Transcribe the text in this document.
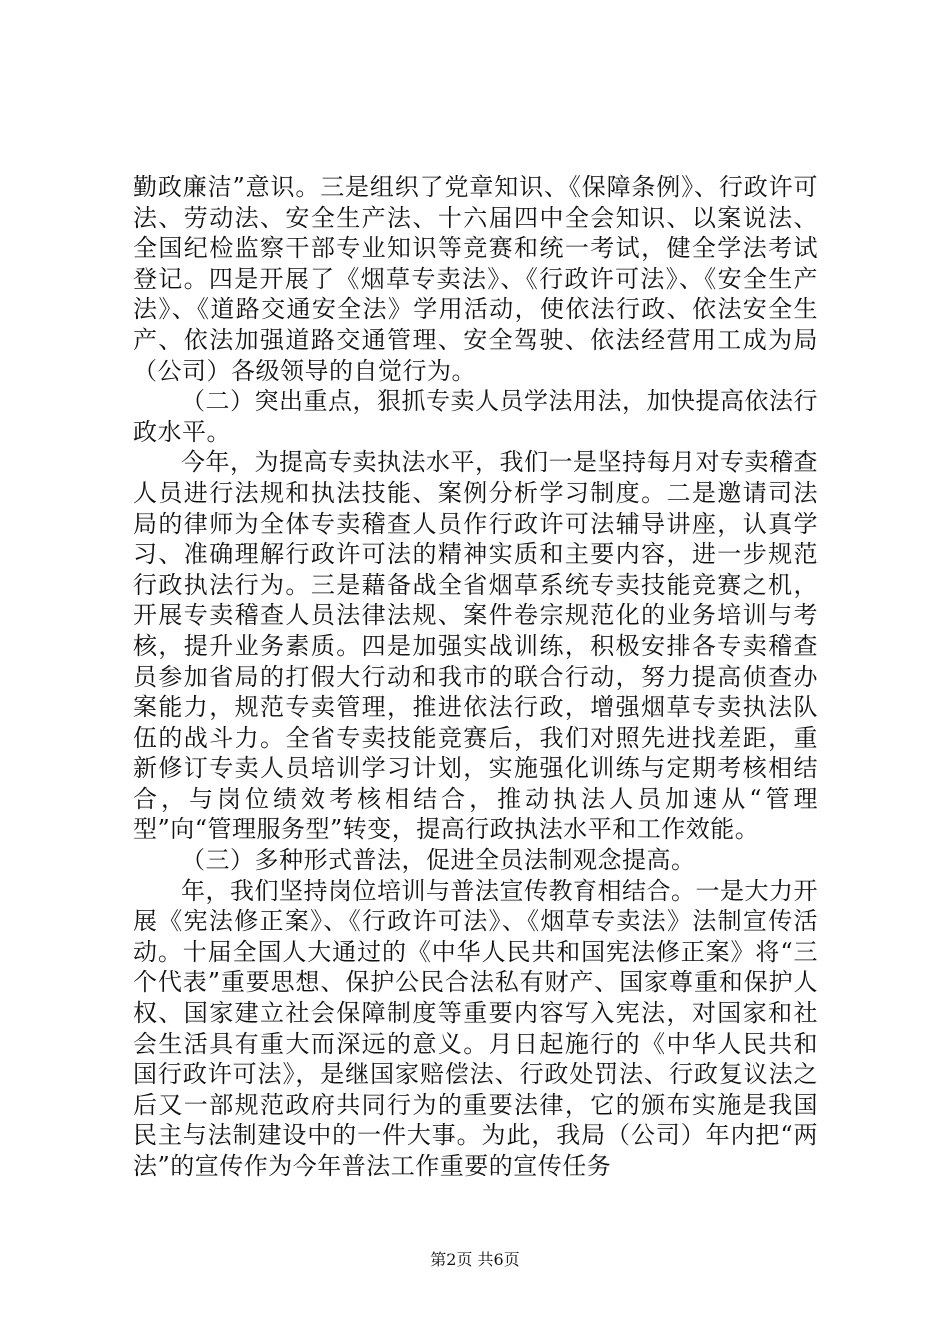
勤政廉洁”意识。三是组织了党章知识、《保障条例》、行政许可法、劳动法、安全生产法、十六届四中全会知识、以案说法、全国纪检监察干部专业知识等竞赛和统一考试，健全学法考试登记。四是开展了《烟草专卖法》、《行政许可法》、《安全生产法》、《道路交通安全法》学用活动，使依法行政、依法安全生产、依法加强道路交通管理、安全驾驶、依法经营用工成为局（公司）各级领导的自觉行为。

（二）突出重点，狠抓专卖人员学法用法，加快提高依法行政水平。

今年，为提高专卖执法水平，我们一是坚持每月对专卖稽查人员进行法规和执法技能、案例分析学习制度。二是邀请司法局的律师为全体专卖稽查人员作行政许可法辅导讲座，认真学习、准确理解行政许可法的精神实质和主要内容，进一步规范行政执法行为。三是藉备战全省烟草系统专卖技能竞赛之机，开展专卖稽查人员法律法规、案件卷宗规范化的业务培训与考核，提升业务素质。四是加强实战训练，积极安排各专卖稽查员参加省局的打假大行动和我市的联合行动，努力提高侦查办案能力，规范专卖管理，推进依法行政，增强烟草专卖执法队伍的战斗力。全省专卖技能竞赛后，我们对照先进找差距，重新修订专卖人员培训学习计划，实施强化训练与定期考核相结合，与岗位绩效考核相结合，推动执法人员加速从“管理型”向“管理服务型”转变，提高行政执法水平和工作效能。

（三）多种形式普法，促进全员法制观念提高。

年，我们坚持岗位培训与普法宣传教育相结合。一是大力开展《宪法修正案》、《行政许可法》、《烟草专卖法》法制宣传活动。十届全国人大通过的《中华人民共和国宪法修正案》将“三个代表”重要思想、保护公民合法私有财产、国家尊重和保护人权、国家建立社会保障制度等重要内容写入宪法，对国家和社会生活具有重大而深远的意义。月日起施行的《中华人民共和国行政许可法》，是继国家赔偿法、行政处罚法、行政复议法之后又一部规范政府共同行为的重要法律，它的颁布实施是我国民主与法制建设中的一件大事。为此，我局（公司）年内把“两法”的宣传作为今年普法工作重要的宣传任务

第2页 共6页
